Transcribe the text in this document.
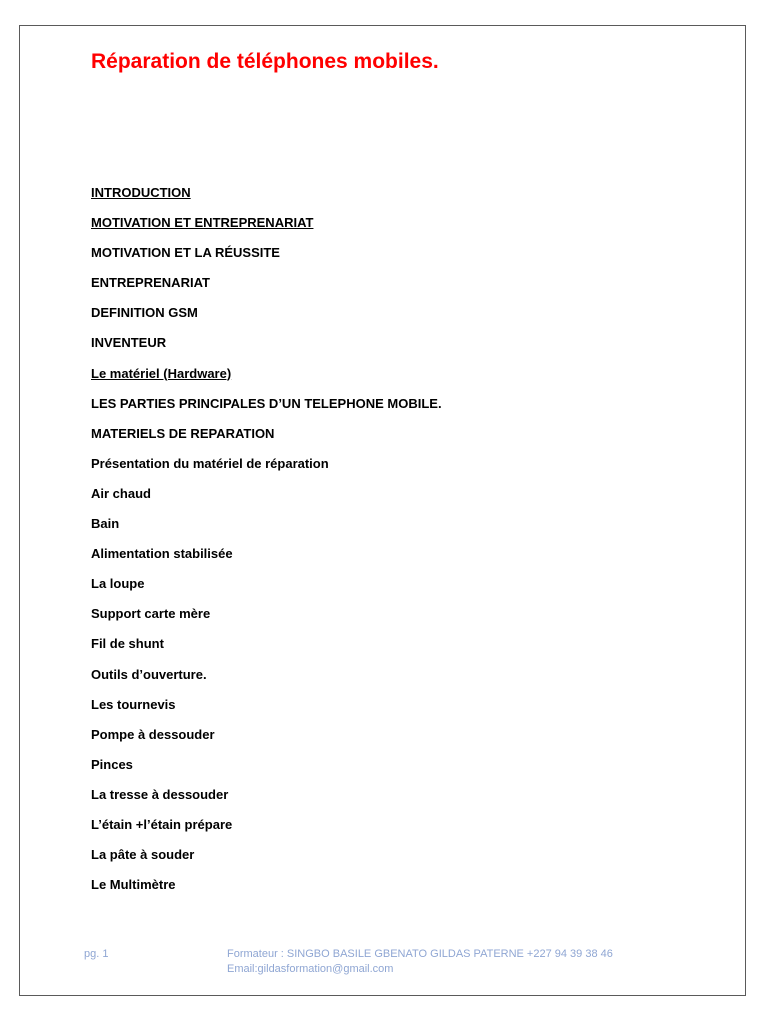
Réparation de téléphones mobiles.
INTRODUCTION
MOTIVATION ET ENTREPRENARIAT
MOTIVATION ET LA RÉUSSITE
ENTREPRENARIAT
DEFINITION GSM
INVENTEUR
Le matériel (Hardware)
LES PARTIES PRINCIPALES D’UN TELEPHONE MOBILE.
MATERIELS DE REPARATION
Présentation du matériel de réparation
Air chaud
Bain
Alimentation stabilisée
La loupe
Support carte mère
Fil de shunt
Outils d’ouverture.
Les tournevis
Pompe à dessouder
Pinces
La tresse à dessouder
L’étain +l’étain prépare
La pâte à souder
Le Multimètre
pg. 1	Formateur : SINGBO BASILE GBENATO GILDAS PATERNE +227 94 39 38 46
Email:gildasformation@gmail.com
